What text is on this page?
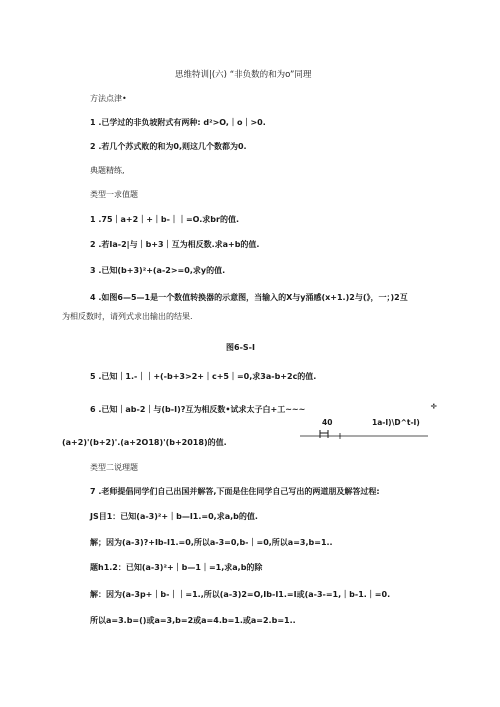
思维特训|(六) “非负数的和为o”同理
方法点津•
1 .已学过的非负坡附式有两种: d²>O,｜o｜>0.
2 .若几个苏式败的和为0,则这几个数都为0.
典题精练,
类型一求值题
1 .75｜a+2｜+｜b-｜｜=O.求br的值.
2 .若Ia-2|与｜b+3｜互为相反数.求a+b的值.
3 .已知(b+3)²+(a-2>=0,求y的值.
4 .如图6—5—1是一个数值转换器的示意图，当输入的X与y涌感(x+1.)2与(》，一；)2互
为相反数时，请列式求出输出的结果.
图6-S-I
5 .已知｜1.-｜｜+(-b+3>2+｜c+5｜=0,求3a-b+2c的值.
6 .已知｜ab-2｜与(b-I)?互为相反数•试求太子白+工~~~
40	1a-I)\D^t-I)
÷
(a+2)'(b+2)'.(a+2O18)'(b+2018)的值.
类型二说理题
7 .老师提倡同学们自己出国并解答,下面是住住同学自己写出的两道朋及解答过程:
JS目1：已知(a-3)²+｜b—I1.=0,求a,b的值.
解；因为(a-3)?+Ib-I1.=0,所以a-3=0,b-｜=0,所以a=3,b=1..
题h1.2：已知(a-3)²+｜b—1｜=1,求a,b的除
解：因为(a-3p+｜b-｜｜=1.,所以(a-3)2=O,Ib-I1.=I或(a-3-=1,｜b-1.｜=0.
所以a=3.b=()或a=3,b=2或a=4.b=1.或a=2.b=1..
